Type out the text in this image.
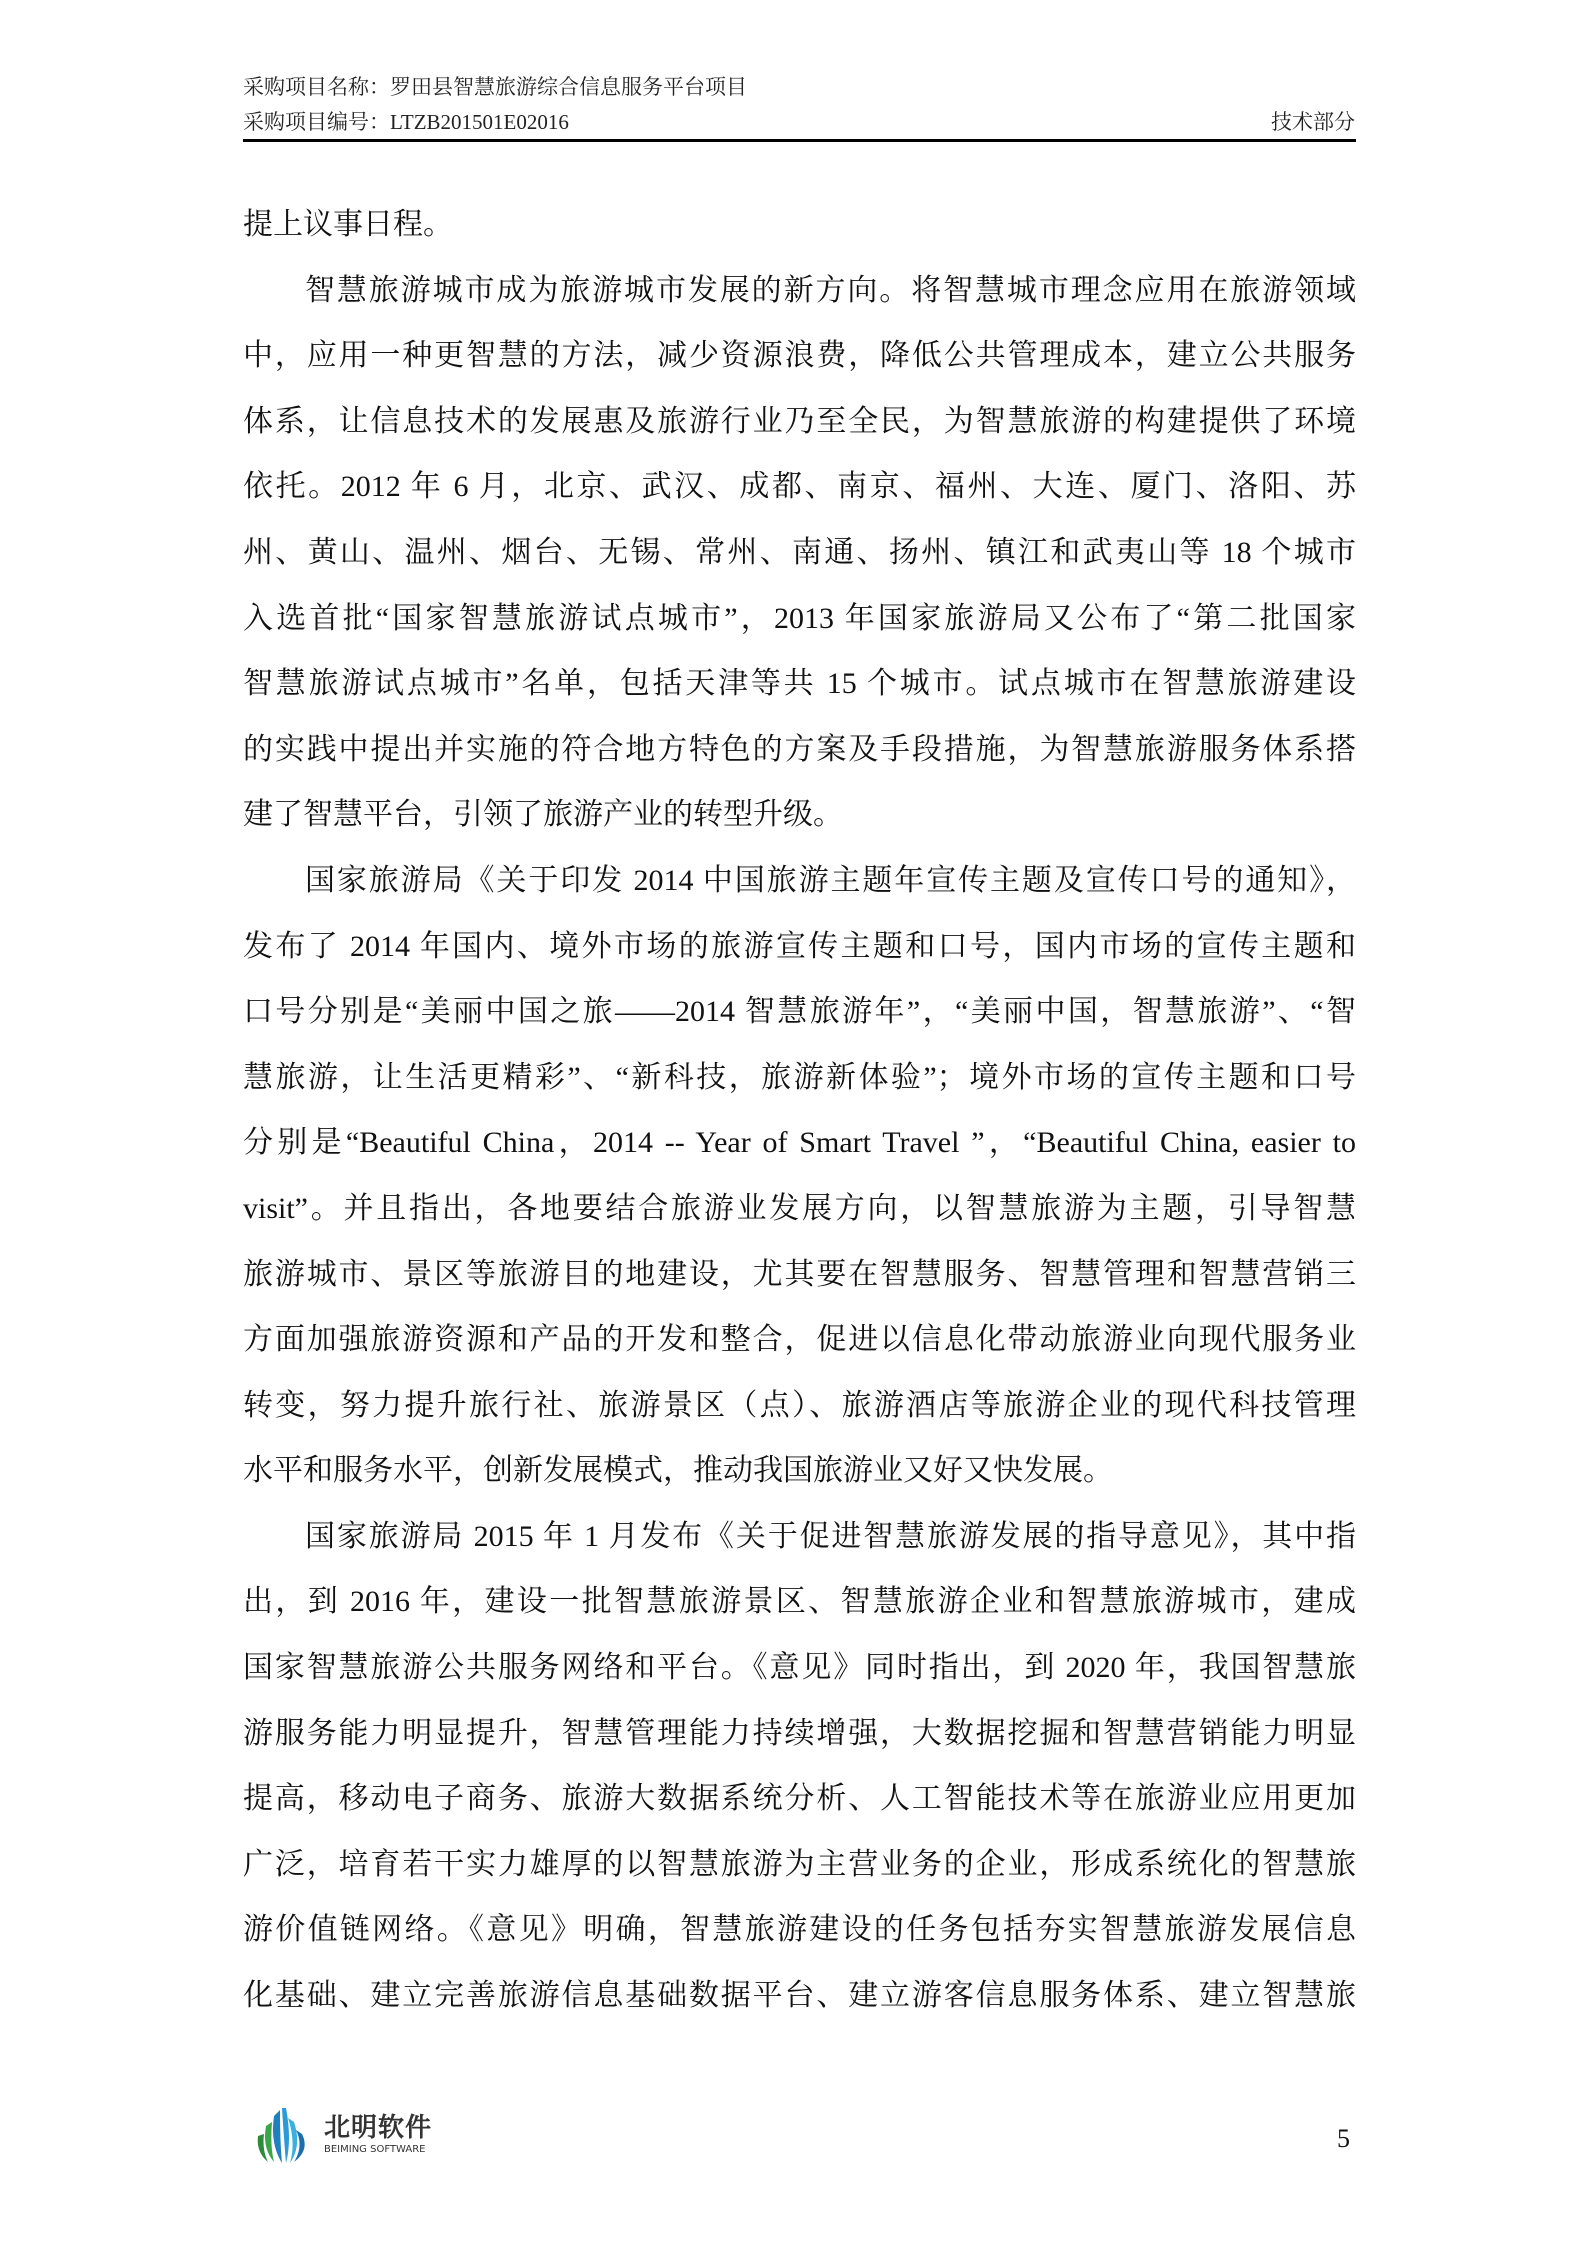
采购项目名称：罗田县智慧旅游综合信息服务平台项目
采购项目编号：LTZB201501E02016	技术部分
提上议事日程。
智慧旅游城市成为旅游城市发展的新方向。将智慧城市理念应用在旅游领域
中，应用一种更智慧的方法，减少资源浪费，降低公共管理成本，建立公共服务
体系，让信息技术的发展惠及旅游行业乃至全民，为智慧旅游的构建提供了环境
依托。2012 年 6 月，北京、武汉、成都、南京、福州、大连、厦门、洛阳、苏
州、黄山、温州、烟台、无锡、常州、南通、扬州、镇江和武夷山等 18 个城市
入选首批“国家智慧旅游试点城市”，2013 年国家旅游局又公布了“第二批国家
智慧旅游试点城市”名单，包括天津等共 15 个城市。试点城市在智慧旅游建设
的实践中提出并实施的符合地方特色的方案及手段措施，为智慧旅游服务体系搭
建了智慧平台，引领了旅游产业的转型升级。
国家旅游局《关于印发 2014 中国旅游主题年宣传主题及宣传口号的通知》，
发布了 2014 年国内、境外市场的旅游宣传主题和口号，国内市场的宣传主题和
口号分别是“美丽中国之旅——2014 智慧旅游年”，“美丽中国，智慧旅游”、“智
慧旅游，让生活更精彩”、“新科技，旅游新体验”；境外市场的宣传主题和口号
分别是“Beautiful China，2014 -- Year of Smart Travel ”，“Beautiful China, easier to
visit”。并且指出，各地要结合旅游业发展方向，以智慧旅游为主题，引导智慧
旅游城市、景区等旅游目的地建设，尤其要在智慧服务、智慧管理和智慧营销三
方面加强旅游资源和产品的开发和整合，促进以信息化带动旅游业向现代服务业
转变，努力提升旅行社、旅游景区（点）、旅游酒店等旅游企业的现代科技管理
水平和服务水平，创新发展模式，推动我国旅游业又好又快发展。
国家旅游局 2015 年 1 月发布《关于促进智慧旅游发展的指导意见》，其中指
出，到 2016 年，建设一批智慧旅游景区、智慧旅游企业和智慧旅游城市，建成
国家智慧旅游公共服务网络和平台。《意见》同时指出，到 2020 年，我国智慧旅
游服务能力明显提升，智慧管理能力持续增强，大数据挖掘和智慧营销能力明显
提高，移动电子商务、旅游大数据系统分析、人工智能技术等在旅游业应用更加
广泛，培育若干实力雄厚的以智慧旅游为主营业务的企业，形成系统化的智慧旅
游价值链网络。《意见》明确，智慧旅游建设的任务包括夯实智慧旅游发展信息
化基础、建立完善旅游信息基础数据平台、建立游客信息服务体系、建立智慧旅
北明软件
BEIMING SOFTWARE	5
